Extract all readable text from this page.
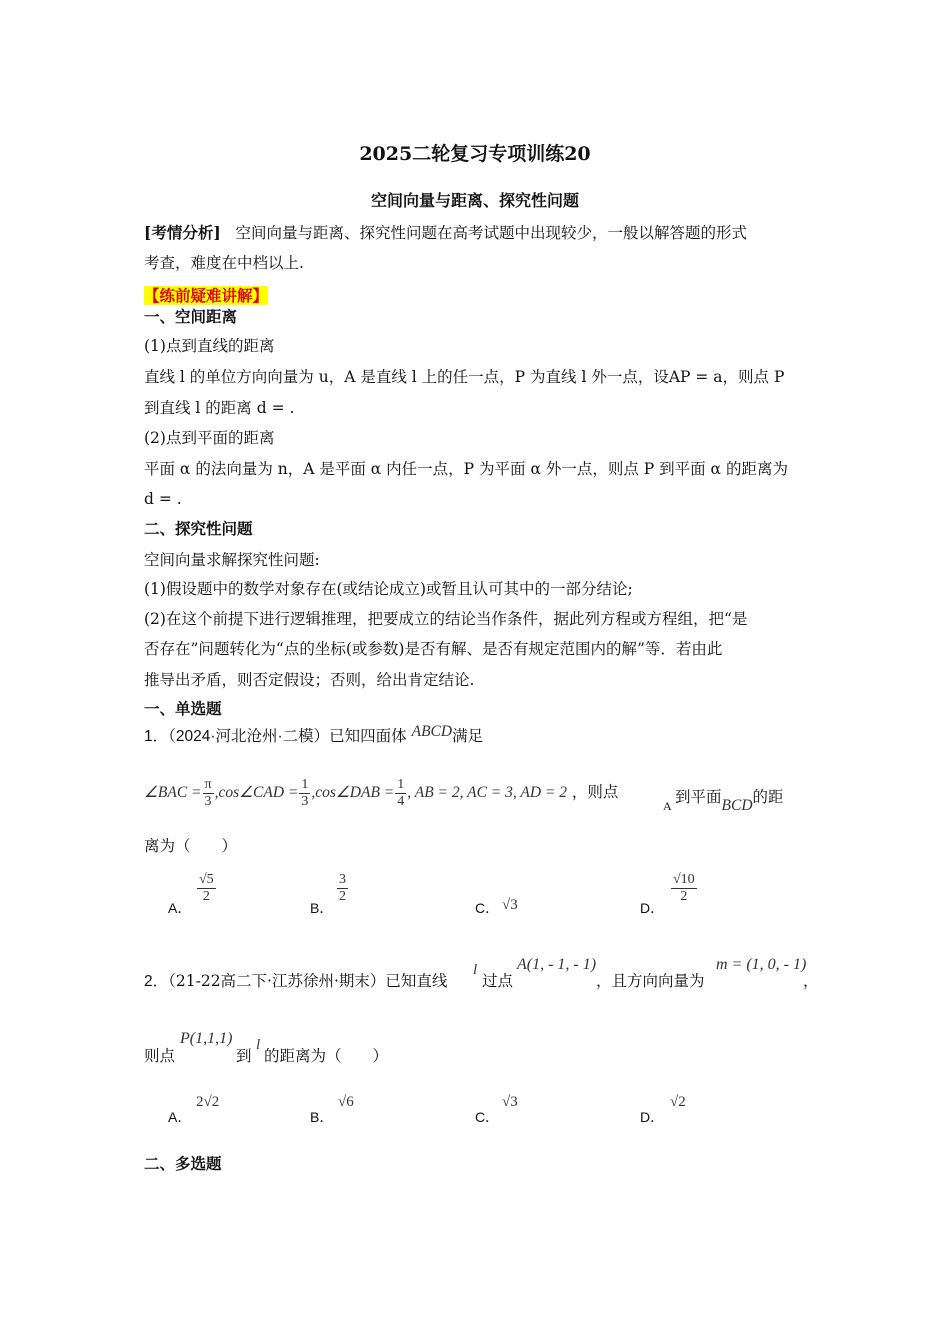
2025二轮复习专项训练20
空间向量与距离、探究性问题
[考情分析] 空间向量与距离、探究性问题在高考试题中出现较少，一般以解答题的形式
考查，难度在中档以上.
【练前疑难讲解】
一、空间距离
(1)点到直线的距离
直线 l 的单位方向向量为 u，A 是直线 l 上的任一点，P 为直线 l 外一点，设AP = a，则点 P
到直线 l 的距离 d = .
(2)点到平面的距离
平面 α 的法向量为 n，A 是平面 α 内任一点，P 为平面 α 外一点，则点 P 到平面 α 的距离为
d = .
二、探究性问题
空间向量求解探究性问题:
(1)假设题中的数学对象存在(或结论成立)或暂且认可其中的一部分结论;
(2)在这个前提下进行逻辑推理，把要成立的结论当作条件，据此列方程或方程组，把“是
否存在”问题转化为“点的坐标(或参数)是否有解、是否有规定范围内的解”等．若由此
推导出矛盾，则否定假设；否则，给出肯定结论.
一、单选题
1．（2024·河北沧州·二模）已知四面体 ABCD满足
∠BAC = $\frac{\pi}{3}$ ,cos∠CAD = $\frac{1}{3}$ ,cos∠DAB = $\frac{1}{4}$ , AB = 2, AC = 3, AD = 2 ，则点
A 到平面BCD的距
离为（　　）
A．
$\frac{√5}{2}$
B．
$\frac{3}{2}$
C． √3	D．
$\frac{√10}{2}$
2．（21-22高二下·江苏徐州·期末）已知直线
l
过点
A(1, - 1, - 1)
，且方向向量为
m = (1, 0, - 1)
，
则点
P(1,1,1)
到
l
的距离为（　　）
A．
2√2
B．
√6
C．
√3
D．
√2
二、多选题
